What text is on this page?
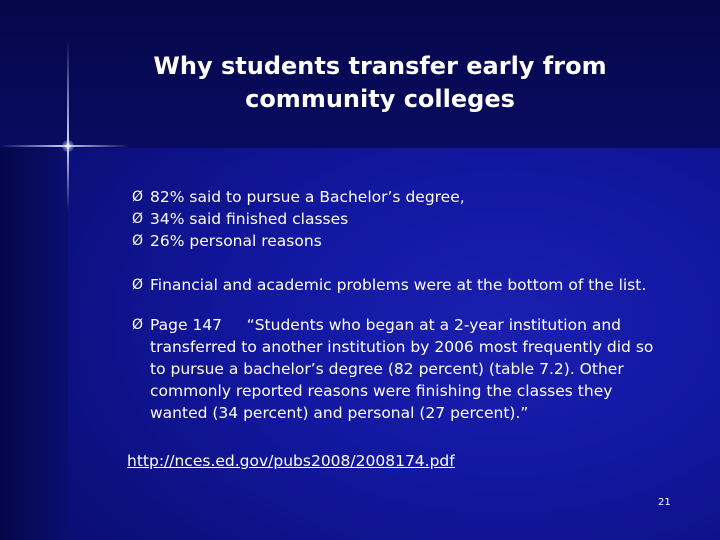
Why students transfer early from
community colleges
Ø 82% said to pursue a Bachelor’s degree,
Ø 34% said finished classes
Ø 26% personal reasons
Ø Financial and academic problems were at the bottom of the list.
Ø Page 147     “Students who began at a 2-year institution and
transferred to another institution by 2006 most frequently did so
to pursue a bachelor’s degree (82 percent) (table 7.2). Other
commonly reported reasons were finishing the classes they
wanted (34 percent) and personal (27 percent).”
http://nces.ed.gov/pubs2008/2008174.pdf
21
